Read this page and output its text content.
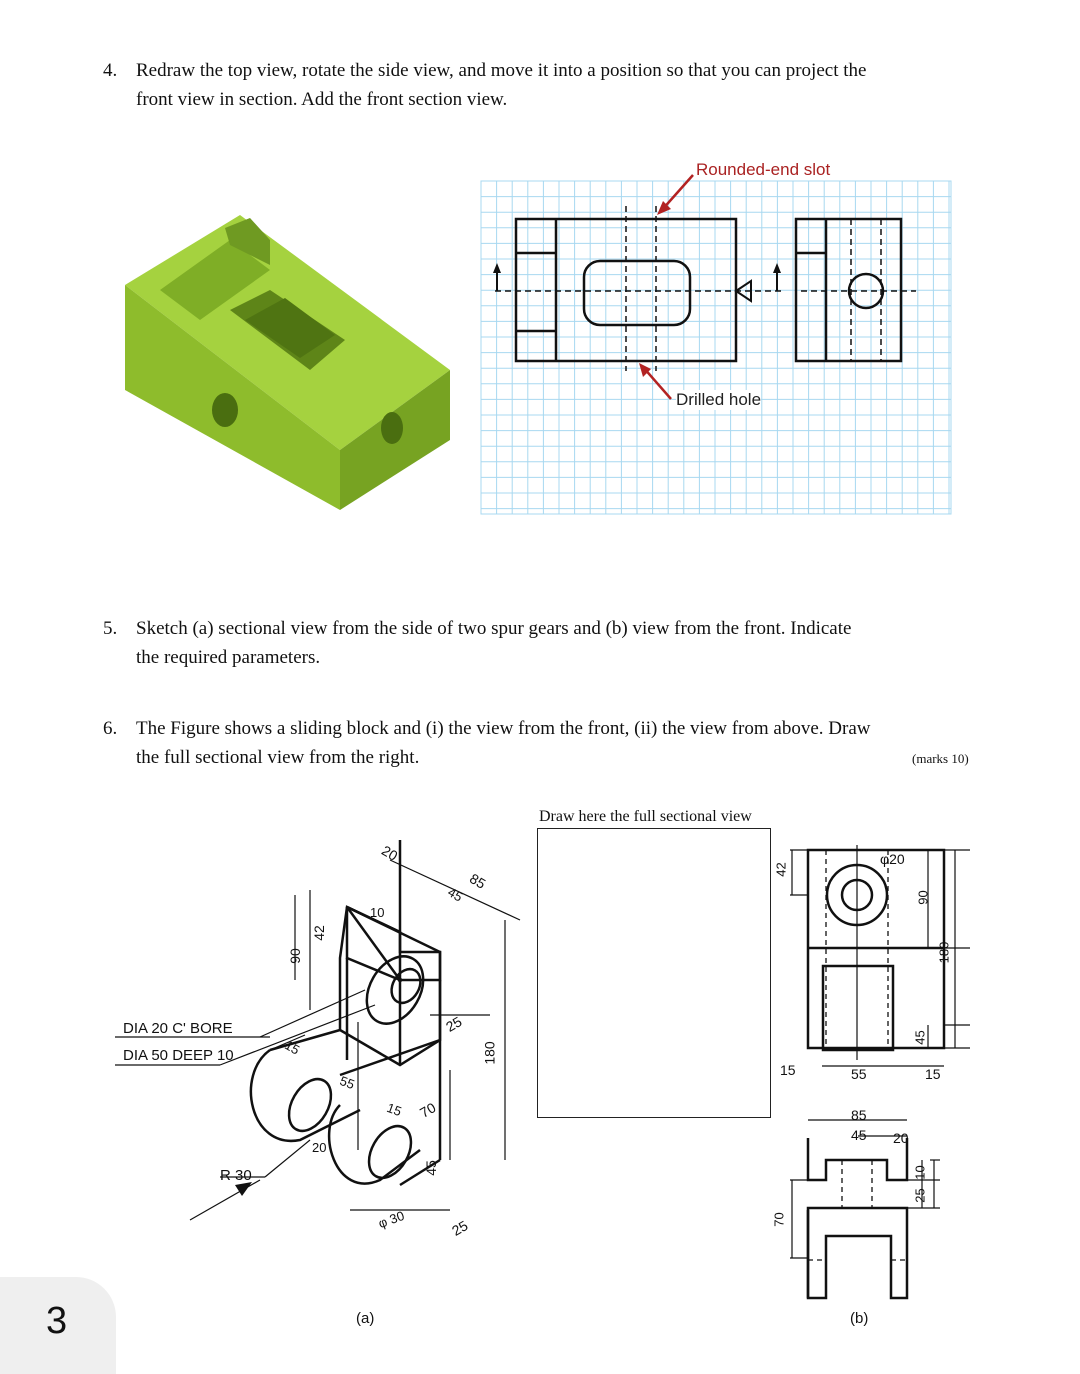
4. Redraw the top view, rotate the side view, and move it into a position so that you can project the
front view in section. Add the front section view.
Rounded-end slot
Drilled hole
5. Sketch (a) sectional view from the side of two spur gears and (b) view from the front. Indicate
the required parameters.
6. The Figure shows a sliding block and (i) the view from the front, (ii) the view from above. Draw
the full sectional view from the right.	(marks 10)
Draw here the full sectional view
20
85
45
10
90
42
25
180
15
55
15 70
20
45
φ 30	25
DIA 20 C' BORE
DIA 50 DEEP 10
R 30
(a)
φ20
42
90
180
45
15	55	15
85
45 20
70
25
10
(b)
3
